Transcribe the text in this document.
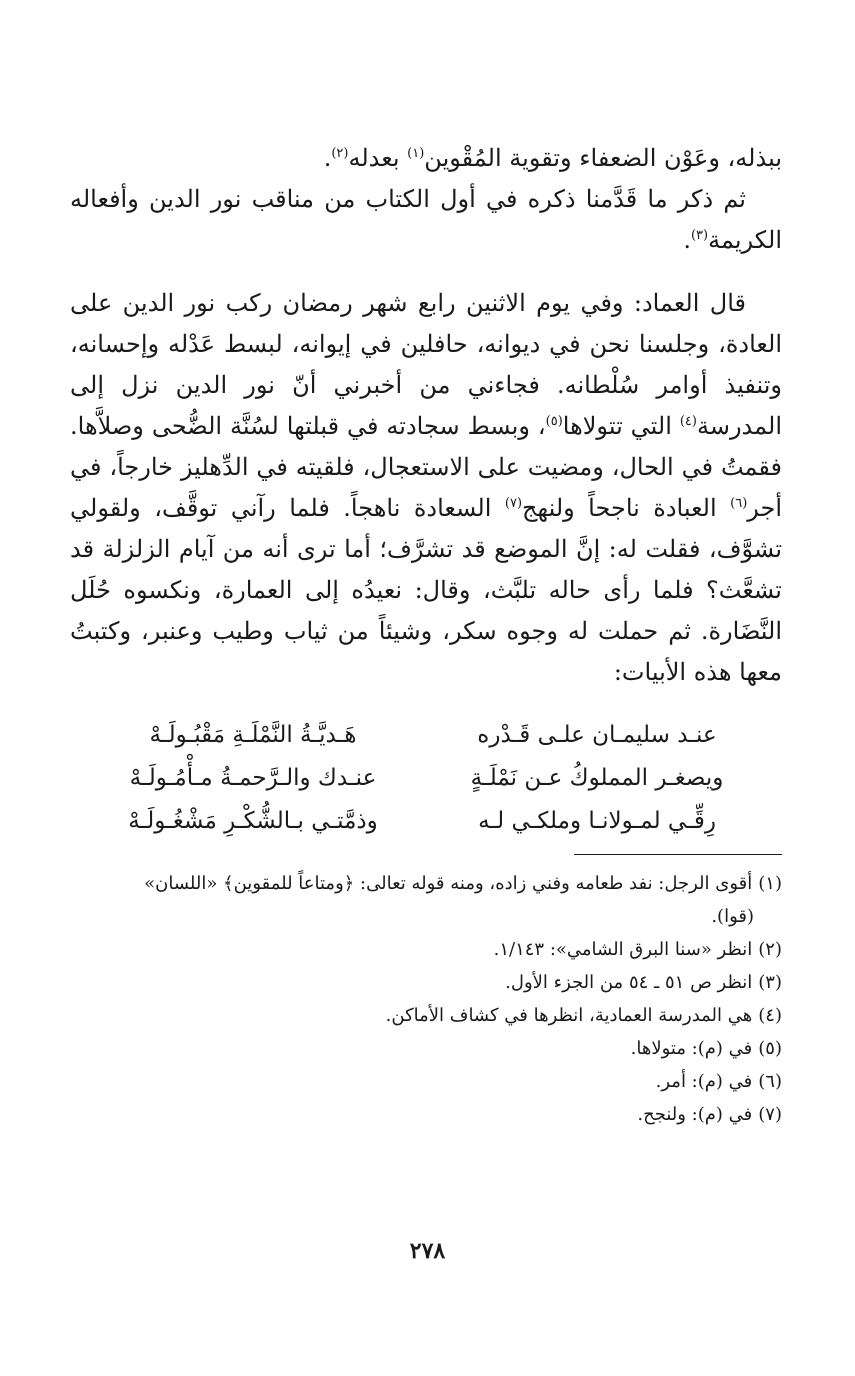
ببذله، وعَوْن الضعفاء وتقوية المُقْوين$^{(١)}$ بعدله$^{(٢)}$.

ثم ذكر ما قَدَّمنا ذكره في أول الكتاب من مناقب نور الدين وأفعاله الكريمة$^{(٣)}$.

قال العماد: وفي يوم الاثنين رابع شهر رمضان ركب نور الدين على العادة، وجلسنا نحن في ديوانه، حافلين في إيوانه، لبسط عَدْله وإحسانه، وتنفيذ أوامر سُلْطانه. فجاءني من أخبرني أنّ نور الدين نزل إلى المدرسة$^{(٤)}$ التي تتولاها$^{(٥)}$، وبسط سجادته في قبلتها لسُنَّة الضُّحى وصلاَّها. فقمتُ في الحال، ومضيت على الاستعجال، فلقيته في الدِّهليز خارجاً، في أجر$^{(٦)}$ العبادة ناجحاً ولنهج$^{(٧)}$ السعادة ناهجاً. فلما رآني توقَّف، ولقولي تشوَّف، فقلت له: إنَّ الموضع قد تشرَّف؛ أما ترى أنه من آيام الزلزلة قد تشعَّث؟ فلما رأى حاله تلبَّث، وقال: نعيدُه إلى العمارة، ونكسوه حُلَل النَّضَارة. ثم حملت له وجوه سكر، وشيئاً من ثياب وطيب وعنبر، وكتبتُ معها هذه الأبيات:

عنـد سليمـان علـى قَـدْره
هَـديَّـةُ النَّمْلَـةِ مَقْبُـولَـهْ
ويصغـر المملوكُ عـن نَمْلَـةٍ
عنـدك والـرَّحمـةُ مـأْمُـولَـهْ
رِقِّـي لمـولانـا وملكـي لـه
وذمَّتـي بـالشُّكْـرِ مَشْغُـولَـهْ

(١)أقوى الرجل: نفد طعامه وفني زاده، ومنه قوله تعالى: ﴿ومتاعاً للمقوين﴾ «اللسان»
(قوا).

(٢)انظر «سنا البرق الشامي»: ١/١٤٣.

(٣)انظر ص ٥١ ـ ٥٤ من الجزء الأول.

(٤)هي المدرسة العمادية، انظرها في كشاف الأماكن.

(٥)في (م): متولاها.

(٦)في (م): أمر.

(٧)في (م): ولنجح.

٢٧٨
